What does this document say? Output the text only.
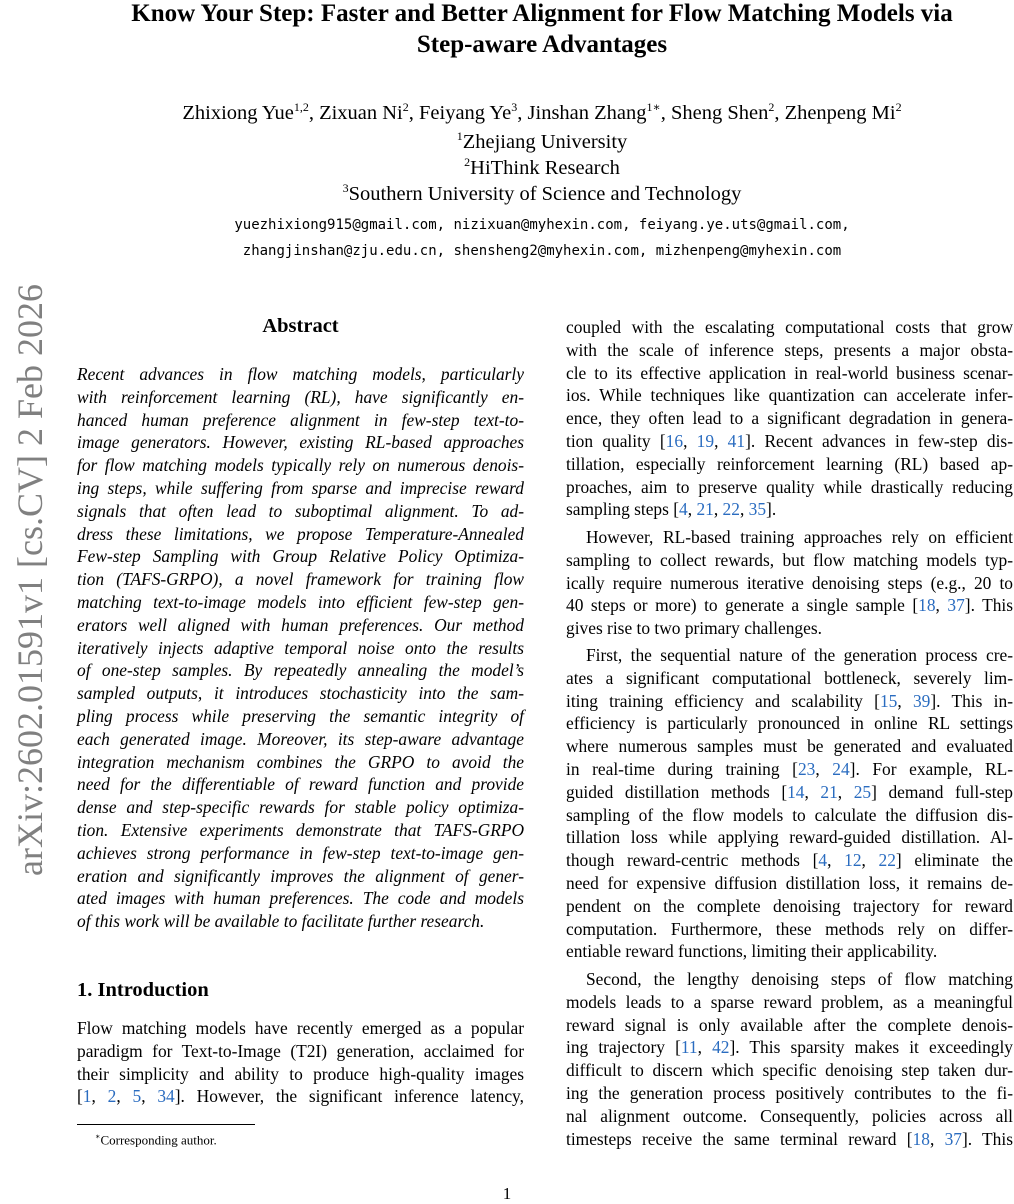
Know Your Step: Faster and Better Alignment for Flow Matching Models via
Step-aware Advantages
Zhixiong Yue$^{1,2}$, Zixuan Ni$^2$, Feiyang Ye$^3$, Jinshan Zhang$^{1∗}$, Sheng Shen$^2$, Zhenpeng Mi$^2$
$^1$Zhejiang University
$^2$HiThink Research
$^3$Southern University of Science and Technology
yuezhixiong915@gmail.com, nizixuan@myhexin.com, feiyang.ye.uts@gmail.com,
zhangjinshan@zju.edu.cn, shensheng2@myhexin.com, mizhenpeng@myhexin.com
arXiv:2602.01591v1 [cs.CV] 2 Feb 2026	Abstract
Recent advances in flow matching models, particularly
with reinforcement learning (RL), have significantly en-
hanced human preference alignment in few-step text-to-
image generators. However, existing RL-based approaches
for flow matching models typically rely on numerous denois-
ing steps, while suffering from sparse and imprecise reward
signals that often lead to suboptimal alignment. To ad-
dress these limitations, we propose Temperature-Annealed
Few-step Sampling with Group Relative Policy Optimiza-
tion (TAFS-GRPO), a novel framework for training flow
matching text-to-image models into efficient few-step gen-
erators well aligned with human preferences. Our method
iteratively injects adaptive temporal noise onto the results
of one-step samples. By repeatedly annealing the model’s
sampled outputs, it introduces stochasticity into the sam-
pling process while preserving the semantic integrity of
each generated image. Moreover, its step-aware advantage
integration mechanism combines the GRPO to avoid the
need for the differentiable of reward function and provide
dense and step-specific rewards for stable policy optimiza-
tion. Extensive experiments demonstrate that TAFS-GRPO
achieves strong performance in few-step text-to-image gen-
eration and significantly improves the alignment of gener-
ated images with human preferences. The code and models
of this work will be available to facilitate further research.
1. Introduction
Flow matching models have recently emerged as a popular
paradigm for Text-to-Image (T2I) generation, acclaimed for
their simplicity and ability to produce high-quality images
[1, 2, 5, 34]. However, the significant inference latency,
coupled with the escalating computational costs that grow
with the scale of inference steps, presents a major obsta-
cle to its effective application in real-world business scenar-
ios. While techniques like quantization can accelerate infer-
ence, they often lead to a significant degradation in genera-
tion quality [16, 19, 41]. Recent advances in few-step dis-
tillation, especially reinforcement learning (RL) based ap-
proaches, aim to preserve quality while drastically reducing
sampling steps [4, 21, 22, 35].
However, RL-based training approaches rely on efficient
sampling to collect rewards, but flow matching models typ-
ically require numerous iterative denoising steps (e.g., 20 to
40 steps or more) to generate a single sample [18, 37]. This
gives rise to two primary challenges.
First, the sequential nature of the generation process cre-
ates a significant computational bottleneck, severely lim-
iting training efficiency and scalability [15, 39]. This in-
efficiency is particularly pronounced in online RL settings
where numerous samples must be generated and evaluated
in real-time during training [23, 24]. For example, RL-
guided distillation methods [14, 21, 25] demand full-step
sampling of the flow models to calculate the diffusion dis-
tillation loss while applying reward-guided distillation. Al-
though reward-centric methods [4, 12, 22] eliminate the
need for expensive diffusion distillation loss, it remains de-
pendent on the complete denoising trajectory for reward
computation. Furthermore, these methods rely on differ-
entiable reward functions, limiting their applicability.
Second, the lengthy denoising steps of flow matching
models leads to a sparse reward problem, as a meaningful
reward signal is only available after the complete denois-
ing trajectory [11, 42]. This sparsity makes it exceedingly
difficult to discern which specific denoising step taken dur-
ing the generation process positively contributes to the fi-
nal alignment outcome. Consequently, policies across all
timesteps receive the same terminal reward [18, 37]. This
∗Corresponding author.
1
